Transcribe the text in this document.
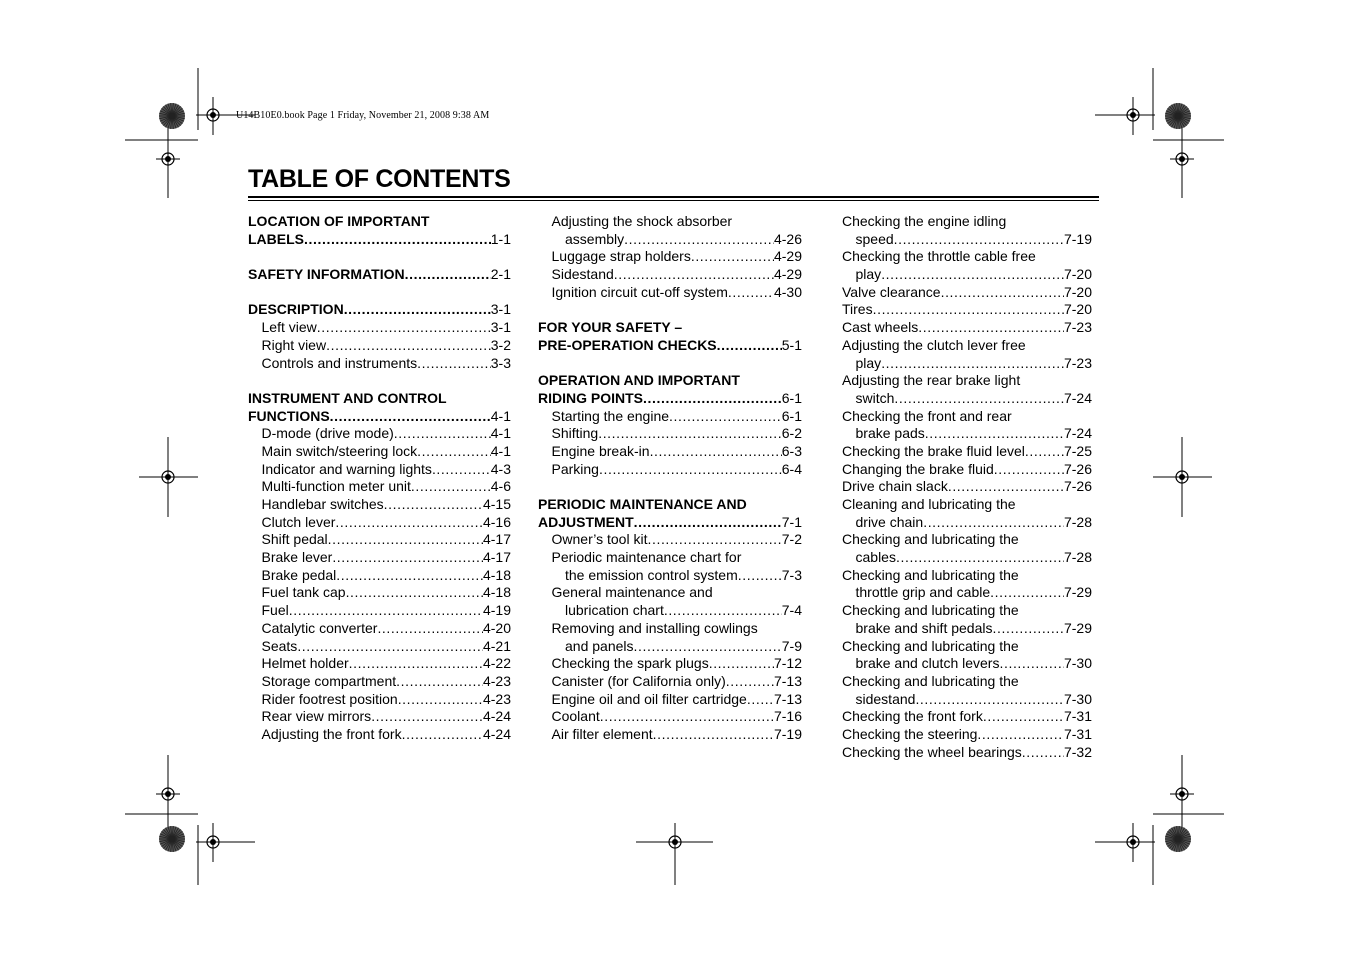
U14B10E0.book Page 1 Friday, November 21, 2008 9:38 AM
TABLE OF CONTENTS
LOCATION OF IMPORTANT
LABELS .....	1-1
SAFETY INFORMATION .....	2-1
DESCRIPTION .....	3-1
Left view .....	3-1
Right view .....	3-2
Controls and instruments .....	3-3
INSTRUMENT AND CONTROL
FUNCTIONS .....	4-1
D-mode (drive mode) .....	4-1
Main switch/steering lock .....	4-1
Indicator and warning lights .....	4-3
Multi-function meter unit .....	4-6
Handlebar switches .....	4-15
Clutch lever .....	4-16
Shift pedal .....	4-17
Brake lever .....	4-17
Brake pedal .....	4-18
Fuel tank cap .....	4-18
Fuel .....	4-19
Catalytic converter .....	4-20
Seats .....	4-21
Helmet holder .....	4-22
Storage compartment .....	4-23
Rider footrest position .....	4-23
Rear view mirrors .....	4-24
Adjusting the front fork .....	4-24
Adjusting the shock absorber
assembly .....	4-26
Luggage strap holders .....	4-29
Sidestand .....	4-29
Ignition circuit cut-off system .....	4-30
FOR YOUR SAFETY –
PRE-OPERATION CHECKS .....	5-1
OPERATION AND IMPORTANT
RIDING POINTS .....	6-1
Starting the engine .....	6-1
Shifting .....	6-2
Engine break-in .....	6-3
Parking .....	6-4
PERIODIC MAINTENANCE AND
ADJUSTMENT .....	7-1
Owner’s tool kit .....	7-2
Periodic maintenance chart for
the emission control system .....	7-3
General maintenance and
lubrication chart .....	7-4
Removing and installing cowlings
and panels .....	7-9
Checking the spark plugs .....	7-12
Canister (for California only) .....	7-13
Engine oil and oil filter cartridge ..... 7-13
Coolant .....	7-16
Air filter element .....	7-19
Checking the engine idling
speed .....	7-19
Checking the throttle cable free
play .....	7-20
Valve clearance .....	7-20
Tires .....	7-20
Cast wheels .....	7-23
Adjusting the clutch lever free
play .....	7-23
Adjusting the rear brake light
switch .....	7-24
Checking the front and rear
brake pads .....	7-24
Checking the brake fluid level .....	7-25
Changing the brake fluid .....	7-26
Drive chain slack .....	7-26
Cleaning and lubricating the
drive chain .....	7-28
Checking and lubricating the
cables .....	7-28
Checking and lubricating the
throttle grip and cable .....	7-29
Checking and lubricating the
brake and shift pedals .....	7-29
Checking and lubricating the
brake and clutch levers .....	7-30
Checking and lubricating the
sidestand .....	7-30
Checking the front fork .....	7-31
Checking the steering .....	7-31
Checking the wheel bearings .....	7-32
